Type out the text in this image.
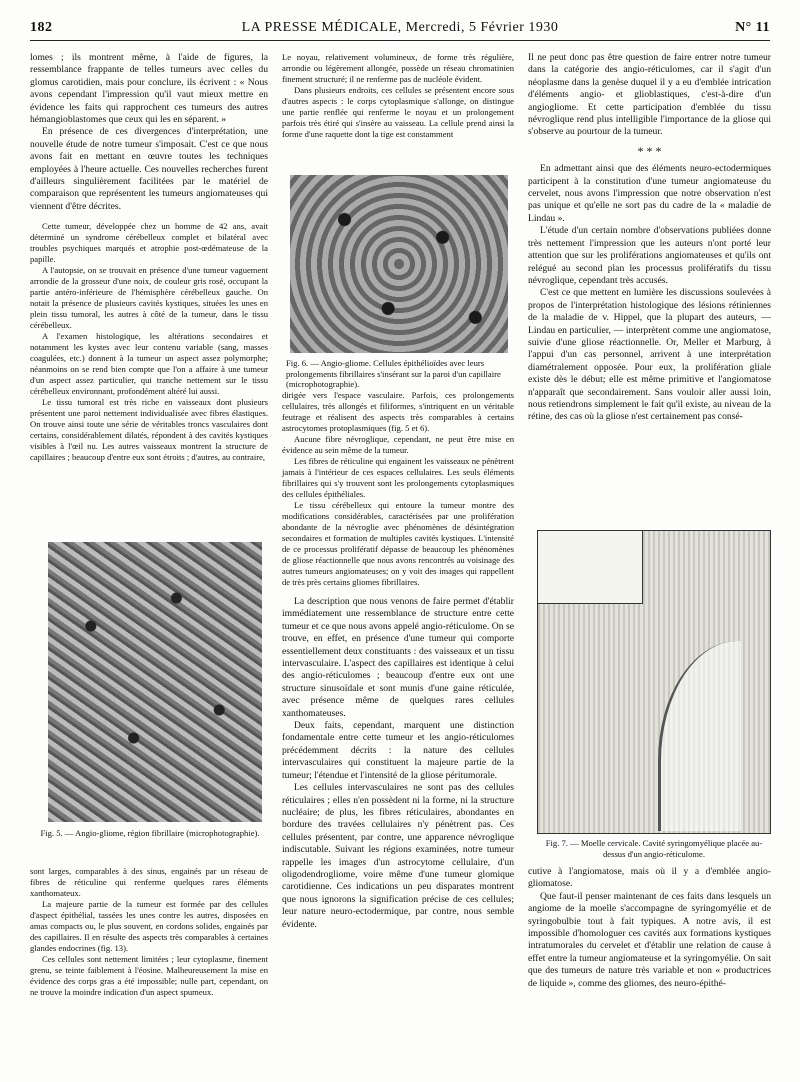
182	LA PRESSE MÉDICALE, Mercredi, 5 Février 1930	N° 11

lomes ; ils montrent même, à l'aide de figures, la ressemblance frappante de telles tumeurs avec celles du glomus carotidien, mais pour conclure, ils écrivent : « Nous avons cependant l'impression qu'il vaut mieux mettre en évidence les faits qui rapprochent ces tumeurs des autres hémangioblastomes que ceux qui les en séparent. »

En présence de ces divergences d'interprétation, une nouvelle étude de notre tumeur s'imposait. C'est ce que nous avons fait en mettant en œuvre toutes les techniques employées à l'heure actuelle. Ces nouvelles recherches furent d'ailleurs singulièrement facilitées par le matériel de comparaison que représentent les tumeurs angiomateuses qui viennent d'être décrites.

Cette tumeur, développée chez un homme de 42 ans, avait déterminé un syndrome cérébelleux complet et bilatéral avec troubles psychiques marqués et atrophie post-œdémateuse de la papille.

A l'autopsie, on se trouvait en présence d'une tumeur vaguement arrondie de la grosseur d'une noix, de couleur gris rosé, occupant la partie antéro-inférieure de l'hémisphère cérébelleux gauche. On notait la présence de plusieurs cavités kystiques, situées les unes en plein tissu tumoral, les autres à côté de la tumeur, dans le tissu cérébelleux.

A l'examen histologique, les altérations secondaires et notamment les kystes avec leur contenu variable (sang, masses coagulées, etc.) donnent à la tumeur un aspect assez polymorphe; néanmoins on se rend bien compte que l'on a affaire à une tumeur d'un aspect assez particulier, qui tranche nettement sur le tissu cérébelleux environnant, profondément altéré lui aussi.

Le tissu tumoral est très riche en vaisseaux dont plusieurs présentent une paroi nettement individualisée avec fibres élastiques. On trouve ainsi toute une série de véritables troncs vasculaires dont certains, considérablement dilatés, répondent à des cavités kystiques visibles à l'œil nu. Les autres vaisseaux montrent la structure de capillaires ; beaucoup d'entre eux sont étroits ; d'autres, au contraire,

Fig. 5. — Angio-gliome, région fibrillaire (microphotographie).

sont larges, comparables à des sinus, engainés par un réseau de fibres de réticuline qui renferme quelques rares éléments xanthomateux.

La majeure partie de la tumeur est formée par des cellules d'aspect épithélial, tassées les unes contre les autres, disposées en amas compacts ou, le plus souvent, en cordons solides, engainés par des capillaires. Il en résulte des aspects très comparables à certaines glandes endocrines (fig. 13).

Ces cellules sont nettement limitées ; leur cytoplasme, finement grenu, se teinte faiblement à l'éosine. Malheureusement la mise en évidence des corps gras a été impossible; nulle part, cependant, on ne trouve la moindre indication d'un aspect spumeux.

Le noyau, relativement volumineux, de forme très régulière, arrondie ou légèrement allongée, possède un réseau chromatinien finement structuré; il ne renferme pas de nucléole évident.

Dans plusieurs endroits, ces cellules se présentent encore sous d'autres aspects : le corps cytoplasmique s'allonge, on distingue une partie renflée qui renferme le noyau et un prolongement parfois très étiré qui s'insère au vaisseau. La cellule prend ainsi la forme d'une raquette dont la tige est constamment

Fig. 6. — Angio-gliome. Cellules épithélioïdes avec leurs prolongements fibrillaires s'insérant sur la paroi d'un capillaire (microphotographie).

dirigée vers l'espace vasculaire. Parfois, ces prolongements cellulaires, très allongés et filiformes, s'intriquent en un véritable feutrage et réalisent des aspects très comparables à certains astrocytomes protoplasmiques (fig. 5 et 6).

Aucune fibre névroglique, cependant, ne peut être mise en évidence au sein même de la tumeur.

Les fibres de réticuline qui engainent les vaisseaux ne pénètrent jamais à l'intérieur de ces espaces cellulaires. Les seuls éléments fibrillaires qui s'y trouvent sont les prolongements cytoplasmiques des cellules épithéliales.

Le tissu cérébelleux qui entoure la tumeur montre des modifications considérables, caractérisées par une prolifération abondante de la névroglie avec phénomènes de désintégration secondaires et formation de multiples cavités kystiques. L'intensité de ce processus prolifératif dépasse de beaucoup les phénomènes de gliose réactionnelle que nous avons rencontrés au voisinage des autres tumeurs angiomateuses; on y voit des images qui rappellent de très près certains gliomes fibrillaires.

La description que nous venons de faire permet d'établir immédiatement une ressemblance de structure entre cette tumeur et ce que nous avons appelé angio-réticulome. On se trouve, en effet, en présence d'une tumeur qui comporte essentiellement deux constituants : des vaisseaux et un tissu intervasculaire. L'aspect des capillaires est identique à celui des angio-réticulomes ; beaucoup d'entre eux ont une structure sinusoïdale et sont munis d'une gaine réticulée, avec présence même de quelques rares cellules xanthomateuses.

Deux faits, cependant, marquent une distinction fondamentale entre cette tumeur et les angio-réticulomes précédemment décrits : la nature des cellules intervasculaires qui constituent la majeure partie de la tumeur; l'étendue et l'intensité de la gliose péritumorale.

Les cellules intervasculaires ne sont pas des cellules réticulaires ; elles n'en possèdent ni la forme, ni la structure nucléaire; de plus, les fibres réticulaires, abondantes en bordure des travées cellulaires n'y pénètrent pas. Ces cellules présentent, par contre, une apparence névroglique indiscutable. Suivant les régions examinées, notre tumeur rappelle les images d'un astrocytome cellulaire, d'un oligodendrogliome, voire même d'une tumeur glomique carotidienne. Ces indications un peu disparates montrent que nous ignorons la signification précise de ces cellules; leur nature neuro-ectodermique, par contre, nous semble évidente.

Il ne peut donc pas être question de faire entrer notre tumeur dans la catégorie des angio-réticulomes, car il s'agit d'un néoplasme dans la genèse duquel il y a eu d'emblée intrication d'éléments angio- et glioblastiques, c'est-à-dire d'un angiogliome. Et cette participation d'emblée du tissu névroglique rend plus intelligible l'importance de la gliose qui s'observe au pourtour de la tumeur.

* * *

En admettant ainsi que des éléments neuro-ectodermiques participent à la constitution d'une tumeur angiomateuse du cervelet, nous avons l'impression que notre observation n'est pas unique et qu'elle ne sort pas du cadre de la « maladie de Lindau ».

L'étude d'un certain nombre d'observations publiées donne très nettement l'impression que les auteurs n'ont porté leur attention que sur les proliférations angiomateuses et qu'ils ont relégué au second plan les processus prolifératifs du tissu névroglique, cependant très accusés.

C'est ce que mettent en lumière les discussions soulevées à propos de l'interprétation histologique des lésions rétiniennes de la maladie de v. Hippel, que la plupart des auteurs, — Lindau en particulier, — interprètent comme une angiomatose, suivie d'une gliose réactionnelle. Or, Meller et Marburg, à l'appui d'un cas personnel, arrivent à une interprétation diamétralement opposée. Pour eux, la prolifération gliale existe dès le début; elle est même primitive et l'angiomatose n'apparaît que secondairement. Sans vouloir aller aussi loin, nous retiendrons simplement le fait qu'il existe, au niveau de la rétine, des cas où la gliose n'est certainement pas consé-

Fig. 7. — Moelle cervicale. Cavité syringomyélique placée au-dessus d'un angio-réticulome.

cutive à l'angiomatose, mais où il y a d'emblée angio-gliomatose.

Que faut-il penser maintenant de ces faits dans lesquels un angiome de la moelle s'accompagne de syringomyélie et de syringobulbie tout à fait typiques. A notre avis, il est impossible d'homologuer ces cavités aux formations kystiques intratumorales du cervelet et d'établir une relation de cause à effet entre la tumeur angiomateuse et la syringomyélie. On sait que des tumeurs de nature très variable et non « productrices de liquide », comme des gliomes, des neuro-épithé-
